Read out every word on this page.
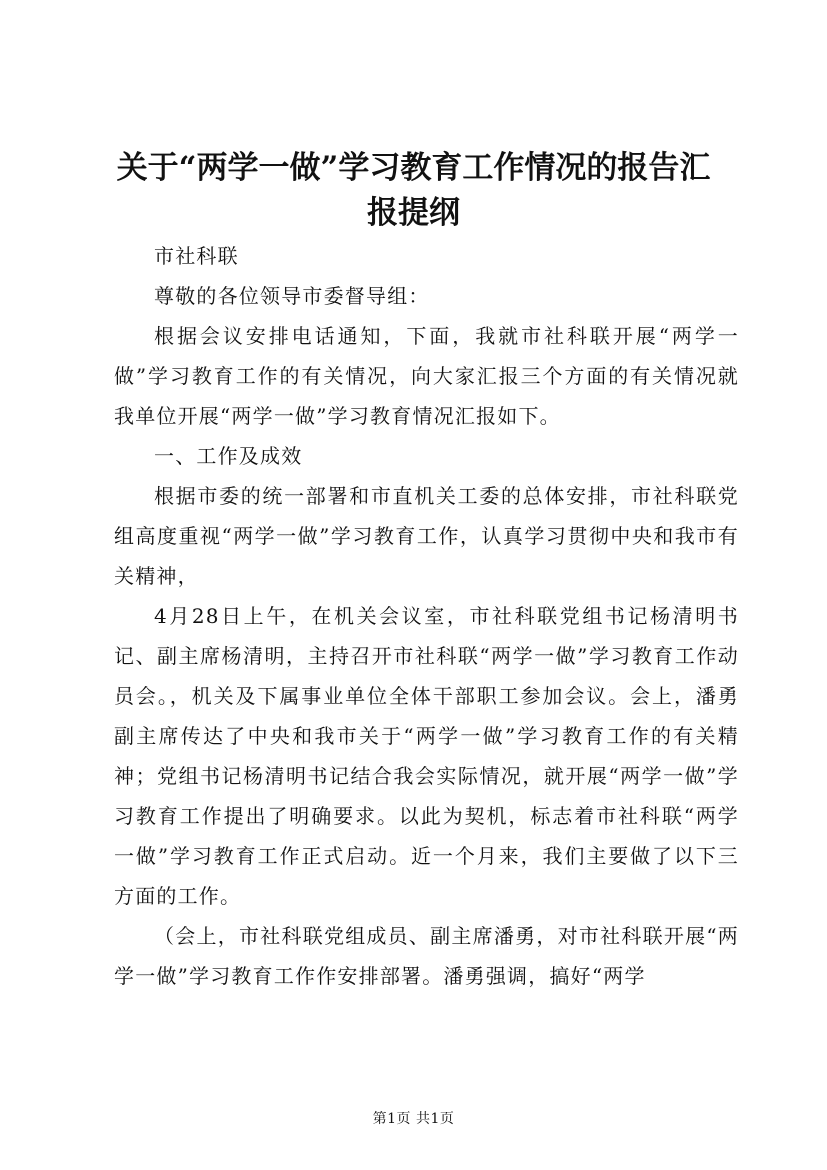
关于“两学一做”学习教育工作情况的报告汇
报提纲

市社科联

尊敬的各位领导市委督导组：

根据会议安排电话通知，下面，我就市社科联开展“两学一做”学习教育工作的有关情况，向大家汇报三个方面的有关情况就我单位开展“两学一做”学习教育情况汇报如下。

一、工作及成效

根据市委的统一部署和市直机关工委的总体安排，市社科联党组高度重视“两学一做”学习教育工作，认真学习贯彻中央和我市有关精神，

4月28日上午，在机关会议室，市社科联党组书记杨清明书记、副主席杨清明，主持召开市社科联“两学一做”学习教育工作动员会。，机关及下属事业单位全体干部职工参加会议。会上，潘勇副主席传达了中央和我市关于“两学一做”学习教育工作的有关精神；党组书记杨清明书记结合我会实际情况，就开展“两学一做”学习教育工作提出了明确要求。以此为契机，标志着市社科联“两学一做”学习教育工作正式启动。近一个月来，我们主要做了以下三方面的工作。

（会上，市社科联党组成员、副主席潘勇，对市社科联开展“两学一做”学习教育工作作安排部署。潘勇强调，搞好“两学

第1页 共1页
